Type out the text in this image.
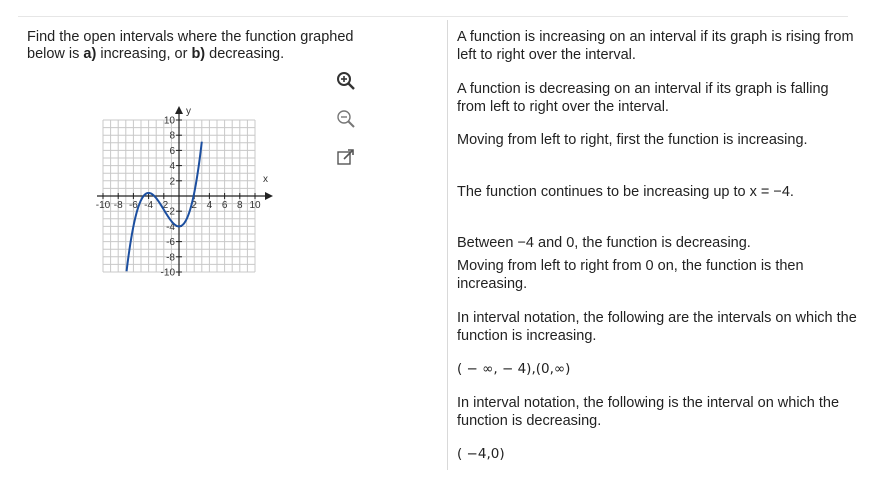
Find the open intervals where the function graphed
below is a) increasing, or b) decreasing.
-10 -8 -6 -4 -2 2 4 6 8 10
10
8
6
4
2
-2
-4
-6
-8
-10
x
y

A function is increasing on an interval if its graph is rising from left to right over the interval.

A function is decreasing on an interval if its graph is falling from left to right over the interval.

Moving from left to right, first the function is increasing.

The function continues to be increasing up to x = −4.

Between −4 and 0, the function is decreasing.

Moving from left to right from 0 on, the function is then increasing.

In interval notation, the following are the intervals on which the function is increasing.

( − ∞, − 4),(0,∞)

In interval notation, the following is the interval on which the function is decreasing.

( −4,0)
